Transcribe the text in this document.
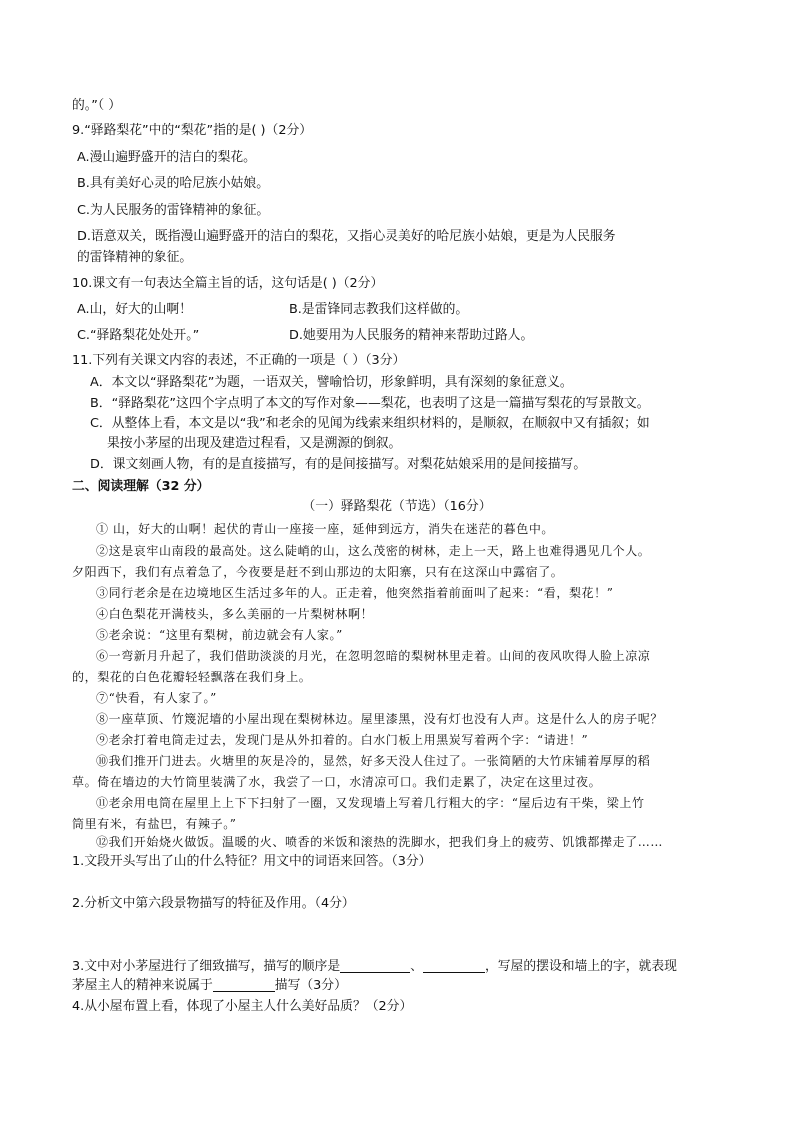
的。”（ ）
9.“驿路梨花”中的“梨花”指的是( )（2分）
A.漫山遍野盛开的洁白的梨花。
B.具有美好心灵的哈尼族小姑娘。
C.为人民服务的雷锋精神的象征。
D.语意双关，既指漫山遍野盛开的洁白的梨花，又指心灵美好的哈尼族小姑娘，更是为人民服务
的雷锋精神的象征。
10.课文有一句表达全篇主旨的话，这句话是( )（2分）
A.山，好大的山啊！	B.是雷锋同志教我们这样做的。
C.“驿路梨花处处开。”	D.她要用为人民服务的精神来帮助过路人。
11.下列有关课文内容的表述，不正确的一项是（ ）（3分）
A．本文以“驿路梨花”为题，一语双关，譬喻恰切，形象鲜明，具有深刻的象征意义。
B．“驿路梨花”这四个字点明了本文的写作对象——梨花，也表明了这是一篇描写梨花的写景散文。
C．从整体上看，本文是以“我”和老余的见闻为线索来组织材料的，是顺叙，在顺叙中又有插叙；如
果按小茅屋的出现及建造过程看，又是溯源的倒叙。
D．课文刻画人物，有的是直接描写，有的是间接描写。对梨花姑娘采用的是间接描写。
二、阅读理解（32 分）
（一）驿路梨花（节选）（16分）
① 山，好大的山啊！起伏的青山一座接一座，延伸到远方，消失在迷茫的暮色中。
②这是哀牢山南段的最高处。这么陡峭的山，这么茂密的树林，走上一天，路上也难得遇见几个人。
夕阳西下，我们有点着急了，今夜要是赶不到山那边的太阳寨，只有在这深山中露宿了。
③同行老余是在边境地区生活过多年的人。正走着，他突然指着前面叫了起来：“看，梨花！”
④白色梨花开满枝头，多么美丽的一片梨树林啊！
⑤老余说：“这里有梨树，前边就会有人家。”
⑥一弯新月升起了，我们借助淡淡的月光，在忽明忽暗的梨树林里走着。山间的夜风吹得人脸上凉凉
的，梨花的白色花瓣轻轻飘落在我们身上。
⑦“快看，有人家了。”
⑧一座草顶、竹篾泥墙的小屋出现在梨树林边。屋里漆黑，没有灯也没有人声。这是什么人的房子呢？
⑨老余打着电筒走过去，发现门是从外扣着的。白水门板上用黑炭写着两个字：“请进！”
⑩我们推开门进去。火塘里的灰是冷的，显然，好多天没人住过了。一张简陋的大竹床铺着厚厚的稻
草。倚在墙边的大竹筒里装满了水，我尝了一口，水清凉可口。我们走累了，决定在这里过夜。
⑪老余用电筒在屋里上上下下扫射了一圈，又发现墙上写着几行粗大的字：“屋后边有干柴，梁上竹
筒里有米，有盐巴，有辣子。”
⑫我们开始烧火做饭。温暖的火、喷香的米饭和滚热的洗脚水，把我们身上的疲劳、饥饿都撵走了……
1.文段开头写出了山的什么特征？用文中的词语来回答。（3分）
2.分析文中第六段景物描写的特征及作用。（4分）
3.文中对小茅屋进行了细致描写，描写的顺序是	、	，写屋的摆设和墙上的字，就表现
茅屋主人的精神来说属于	描写（3分）
4.从小屋布置上看，体现了小屋主人什么美好品质？（2分）
